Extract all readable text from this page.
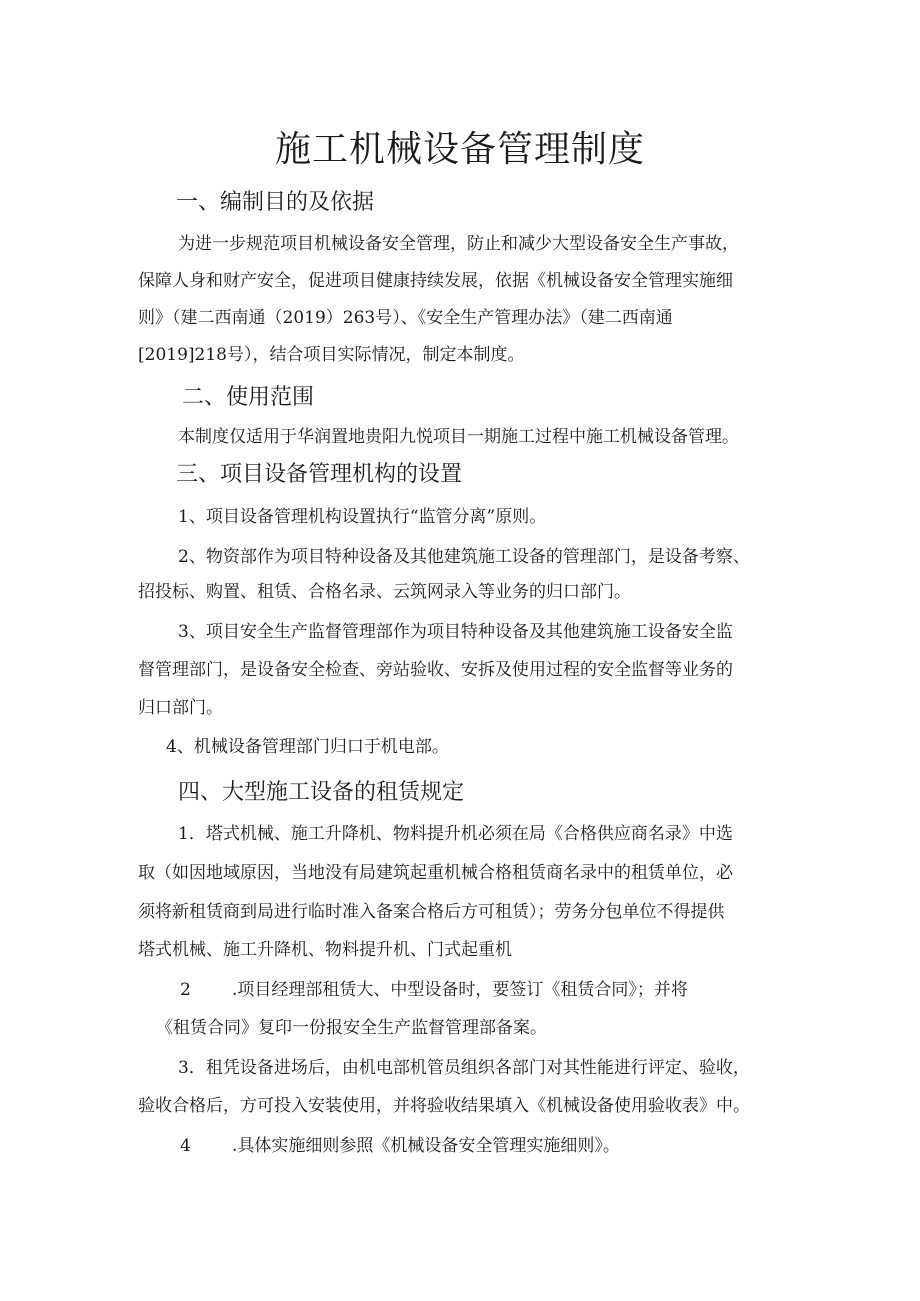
施工机械设备管理制度
一、编制目的及依据
为进一步规范项目机械设备安全管理，防止和减少大型设备安全生产事故，
保障人身和财产安全，促进项目健康持续发展，依据《机械设备安全管理实施细
则》（建二西南通（2019）263号）、《安全生产管理办法》（建二西南通
[2019]218号），结合项目实际情况，制定本制度。
二、使用范围
本制度仅适用于华润置地贵阳九悦项目一期施工过程中施工机械设备管理。
三、项目设备管理机构的设置
1、项目设备管理机构设置执行“监管分离”原则。
2、物资部作为项目特种设备及其他建筑施工设备的管理部门，是设备考察、
招投标、购置、租赁、合格名录、云筑网录入等业务的归口部门。
3、项目安全生产监督管理部作为项目特种设备及其他建筑施工设备安全监
督管理部门，是设备安全检查、旁站验收、安拆及使用过程的安全监督等业务的
归口部门。
4、机械设备管理部门归口于机电部。
四、大型施工设备的租赁规定
1．塔式机械、施工升降机、物料提升机必须在局《合格供应商名录》中选
取（如因地域原因，当地没有局建筑起重机械合格租赁商名录中的租赁单位，必
须将新租赁商到局进行临时准入备案合格后方可租赁）；劳务分包单位不得提供
塔式机械、施工升降机、物料提升机、门式起重机
2 .项目经理部租赁大、中型设备时，要签订《租赁合同》；并将
《租赁合同》复印一份报安全生产监督管理部备案。
3．租凭设备进场后，由机电部机管员组织各部门对其性能进行评定、验收，
验收合格后，方可投入安装使用，并将验收结果填入《机械设备使用验收表》中。
4 .具体实施细则参照《机械设备安全管理实施细则》。
